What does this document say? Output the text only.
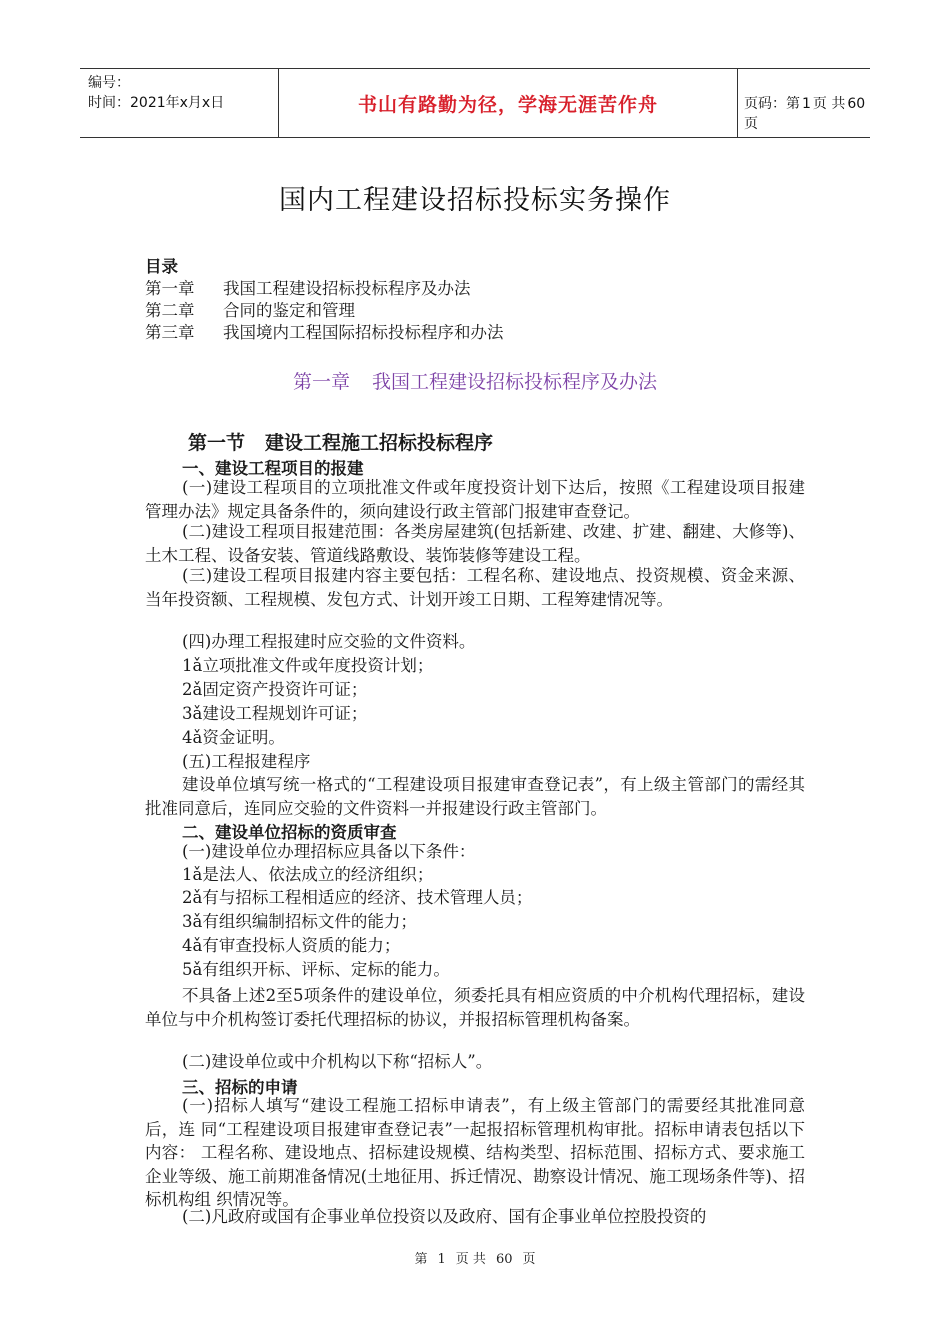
编号：
时间：2021年x月x日	书山有路勤为径，学海无涯苦作舟	页码：第 1 页 共 60页
国内工程建设招标投标实务操作
目录
第一章 我国工程建设招标投标程序及办法
第二章 合同的鉴定和管理
第三章 我国境内工程国际招标投标程序和办法
第一章 我国工程建设招标投标程序及办法
第一节 建设工程施工招标投标程序
一、建设工程项目的报建
(一)建设工程项目的立项批准文件或年度投资计划下达后，按照《工程建设项目报建管理办法》规定具备条件的，须向建设行政主管部门报建审查登记。
(二)建设工程项目报建范围：各类房屋建筑(包括新建、改建、扩建、翻建、大修等)、土木工程、设备安装、管道线路敷设、装饰装修等建设工程。
(三)建设工程项目报建内容主要包括：工程名称、建设地点、投资规模、资金来源、当年投资额、工程规模、发包方式、计划开竣工日期、工程筹建情况等。
(四)办理工程报建时应交验的文件资料。
1ǎ立项批准文件或年度投资计划；
2ǎ固定资产投资许可证；
3ǎ建设工程规划许可证；
4ǎ资金证明。
(五)工程报建程序
建设单位填写统一格式的“工程建设项目报建审查登记表”，有上级主管部门的需经其批准同意后，连同应交验的文件资料一并报建设行政主管部门。
二、建设单位招标的资质审查
(一)建设单位办理招标应具备以下条件：
1ǎ是法人、依法成立的经济组织；
2ǎ有与招标工程相适应的经济、技术管理人员；
3ǎ有组织编制招标文件的能力；
4ǎ有审查投标人资质的能力；
5ǎ有组织开标、评标、定标的能力。
不具备上述2至5项条件的建设单位，须委托具有相应资质的中介机构代理招标，建设单位与中介机构签订委托代理招标的协议，并报招标管理机构备案。
(二)建设单位或中介机构以下称“招标人”。
三、招标的申请
(一)招标人填写“建设工程施工招标申请表”，有上级主管部门的需要经其批准同意后，连 同“工程建设项目报建审查登记表”一起报招标管理机构审批。招标申请表包括以下内容： 工程名称、建设地点、招标建设规模、结构类型、招标范围、招标方式、要求施工企业等级、施工前期准备情况(土地征用、拆迁情况、勘察设计情况、施工现场条件等)、招标机构组 织情况等。
(二)凡政府或国有企事业单位投资以及政府、国有企事业单位控股投资的
第 1 页 共 60 页
